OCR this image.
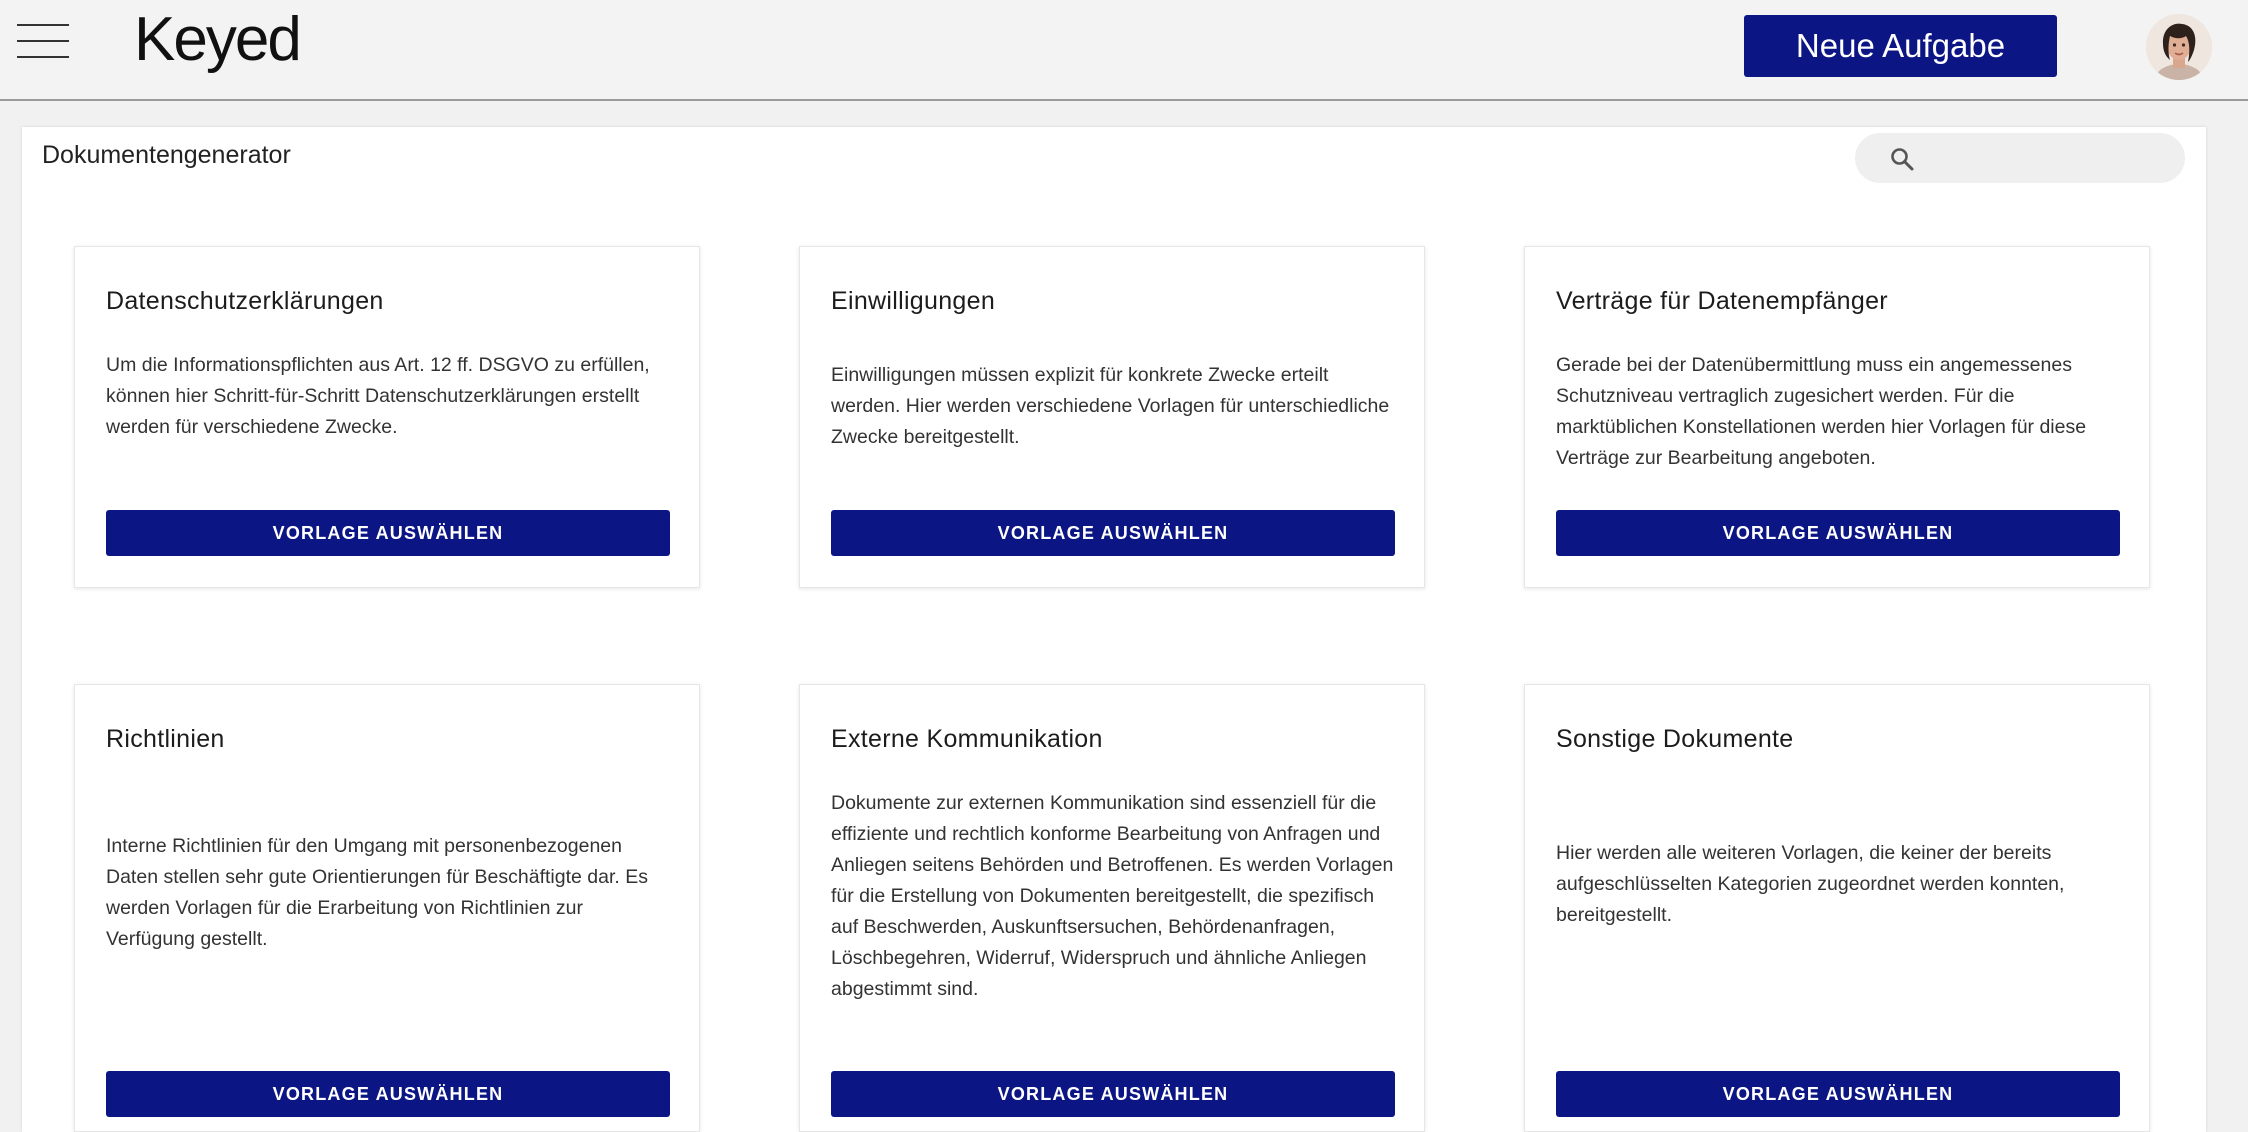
Keyed	Neue Aufgabe
Dokumentengenerator
Datenschutzerklärungen

Um die Informationspflichten aus Art. 12 ff. DSGVO zu erfüllen, können hier Schritt-für-Schritt Datenschutzerklärungen erstellt werden für verschiedene Zwecke.

VORLAGE AUSWÄHLEN
Einwilligungen

Einwilligungen müssen explizit für konkrete Zwecke erteilt werden. Hier werden verschiedene Vorlagen für unterschiedliche Zwecke bereitgestellt.

VORLAGE AUSWÄHLEN
Verträge für Datenempfänger

Gerade bei der Datenübermittlung muss ein angemessenes Schutzniveau vertraglich zugesichert werden. Für die marktüblichen Konstellationen werden hier Vorlagen für diese Verträge zur Bearbeitung angeboten.

VORLAGE AUSWÄHLEN
Richtlinien

Interne Richtlinien für den Umgang mit personenbezogenen Daten stellen sehr gute Orientierungen für Beschäftigte dar. Es werden Vorlagen für die Erarbeitung von Richtlinien zur Verfügung gestellt.

VORLAGE AUSWÄHLEN
Externe Kommunikation

Dokumente zur externen Kommunikation sind essenziell für die effiziente und rechtlich konforme Bearbeitung von Anfragen und Anliegen seitens Behörden und Betroffenen. Es werden Vorlagen für die Erstellung von Dokumenten bereitgestellt, die spezifisch auf Beschwerden, Auskunftsersuchen, Behördenanfragen, Löschbegehren, Widerruf, Widerspruch und ähnliche Anliegen abgestimmt sind.

VORLAGE AUSWÄHLEN
Sonstige Dokumente

Hier werden alle weiteren Vorlagen, die keiner der bereits aufgeschlüsselten Kategorien zugeordnet werden konnten, bereitgestellt.

VORLAGE AUSWÄHLEN
